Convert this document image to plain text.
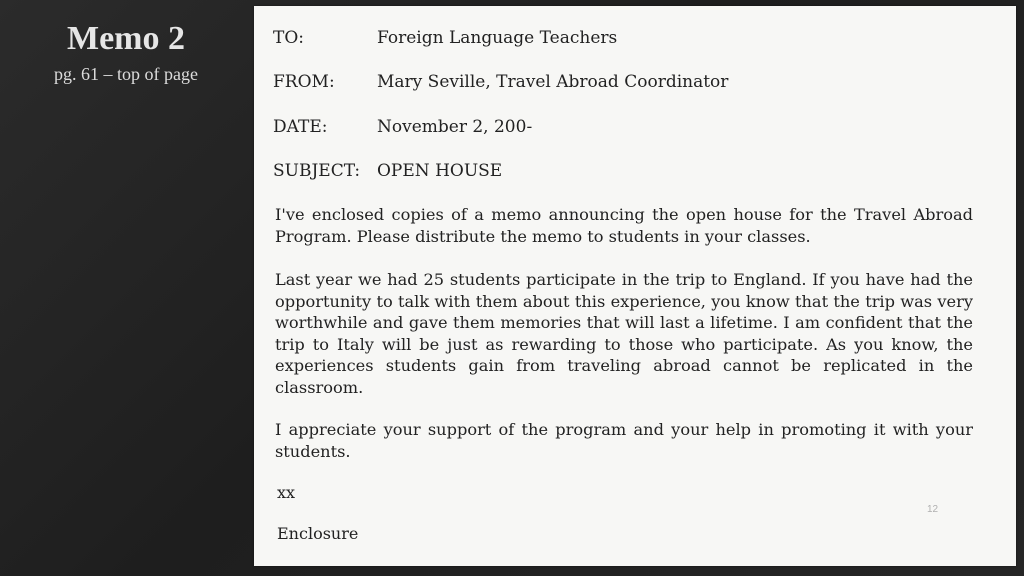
Memo 2
pg. 61 – top of page
TO:	Foreign Language Teachers
FROM: Mary Seville, Travel Abroad Coordinator
DATE:	November 2, 200-
SUBJECT: OPEN HOUSE
I've enclosed copies of a memo announcing the open house for the Travel Abroad Program. Please distribute the memo to students in your classes.
Last year we had 25 students participate in the trip to England. If you have had the opportunity to talk with them about this experience, you know that the trip was very worthwhile and gave them memories that will last a lifetime. I am confident that the trip to Italy will be just as rewarding to those who participate. As you know, the experiences students gain from traveling abroad cannot be replicated in the classroom.
I appreciate your support of the program and your help in promoting it with your students.
xx
Enclosure
12
